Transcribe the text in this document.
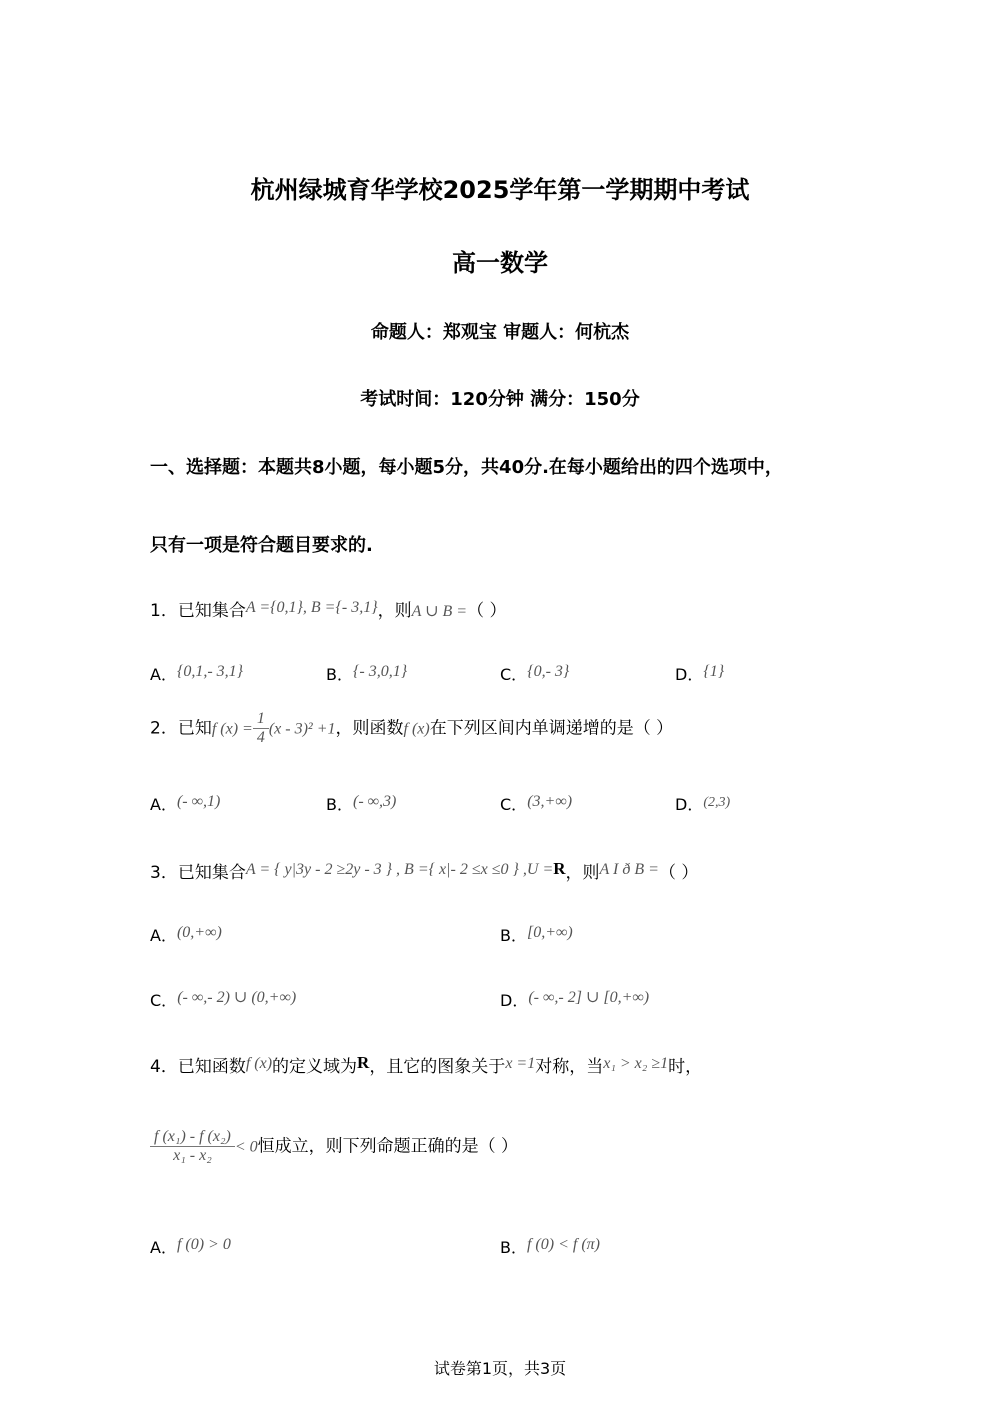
杭州绿城育华学校2025学年第一学期期中考试
高一数学
命题人：郑观宝 审题人：何杭杰
考试时间：120分钟 满分：150分
一、选择题：本题共8小题，每小题5分，共40分.在每小题给出的四个选项中，
只有一项是符合题目要求的.
1．已知集合A ={0,1}, B ={- 3,1}，则A ∪ B =（ ）
A．{0,1,- 3,1}	B．{- 3,0,1}	C．{0,- 3}	D．{1}
2．已知f $(x) = \frac{1}{4} (x - 3)^2 +1$，则函数f (x)在下列区间内单调递增的是（ ）
A．(- ∞,1)	B．(- ∞,3)	C．(3,+∞)	D．(2,3)
3．已知集合A = { y|3y - 2 ≥2y - 3 } , B ={ x|- 2 ≤x ≤0 } ,U =R，则A I ð B =（ ）
A．(0,+∞)	B．[0,+∞)
C．(- ∞,- 2) ∪ (0,+∞)	D．(- ∞,- 2] ∪ [0,+∞)
4．已知函数f (x)的定义域为R，且它的图象关于x =1对称，当x₁ > x₂ ≥1时，
$\frac{\text{f (x₁) - f (x₂)}}{\text{x₁ - x₂}} < 0$恒成立，则下列命题正确的是（ ）
A．f (0) > 0	B．f (0) < f (π)
试卷第1页，共3页
